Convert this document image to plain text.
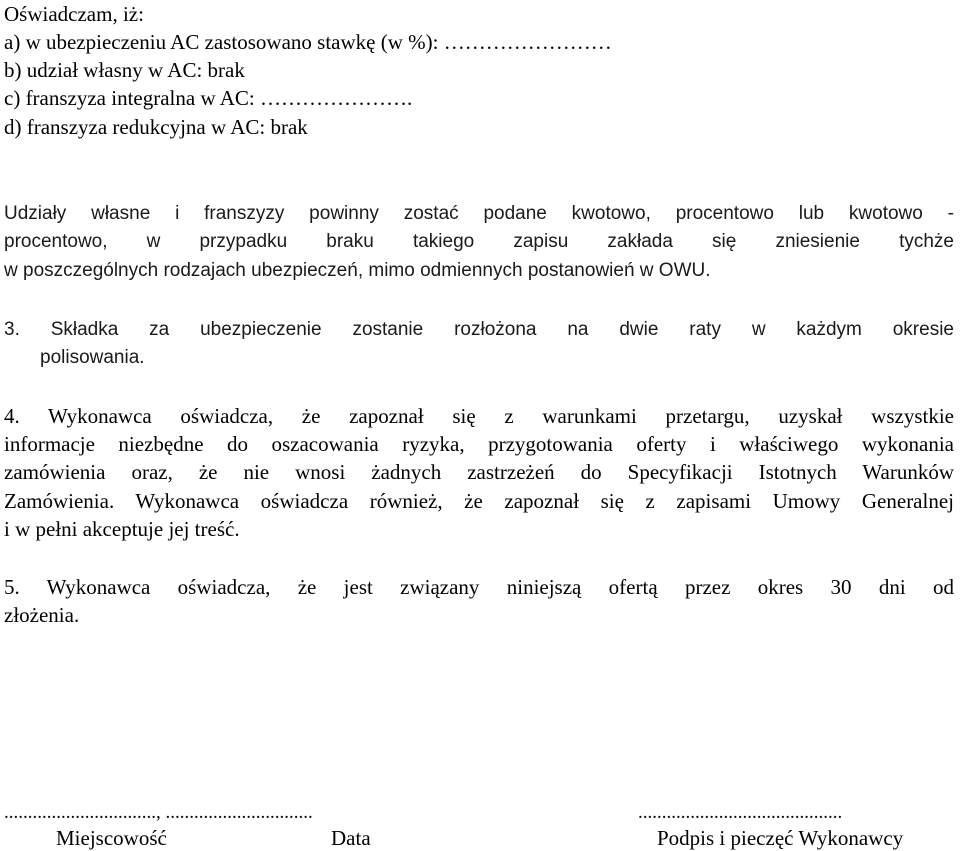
Oświadczam, iż:
a) w ubezpieczeniu AC zastosowano stawkę (w %): ……………………
b) udział własny w AC: brak
c) franszyza integralna w AC: ………………….
d) franszyza redukcyjna w AC: brak
Udziały własne i franszyzy powinny zostać podane kwotowo, procentowo lub kwotowo -
procentowo, w przypadku braku takiego zapisu zakłada się zniesienie tychże
w poszczególnych rodzajach ubezpieczeń, mimo odmiennych postanowień w OWU.
3. Składka za ubezpieczenie zostanie rozłożona na dwie raty w każdym okresie
polisowania.
4. Wykonawca oświadcza, że zapoznał się z warunkami przetargu, uzyskał wszystkie
informacje niezbędne do oszacowania ryzyka, przygotowania oferty i właściwego wykonania
zamówienia oraz, że nie wnosi żadnych zastrzeżeń do Specyfikacji Istotnych Warunków
Zamówienia. Wykonawca oświadcza również, że zapoznał się z zapisami Umowy Generalnej
i w pełni akceptuje jej treść.
5. Wykonawca oświadcza, że jest związany niniejszą ofertą przez okres 30 dni od
złożenia.
................................, ...............................	...........................................
Miejscowość	Data	Podpis i pieczęć Wykonawcy
